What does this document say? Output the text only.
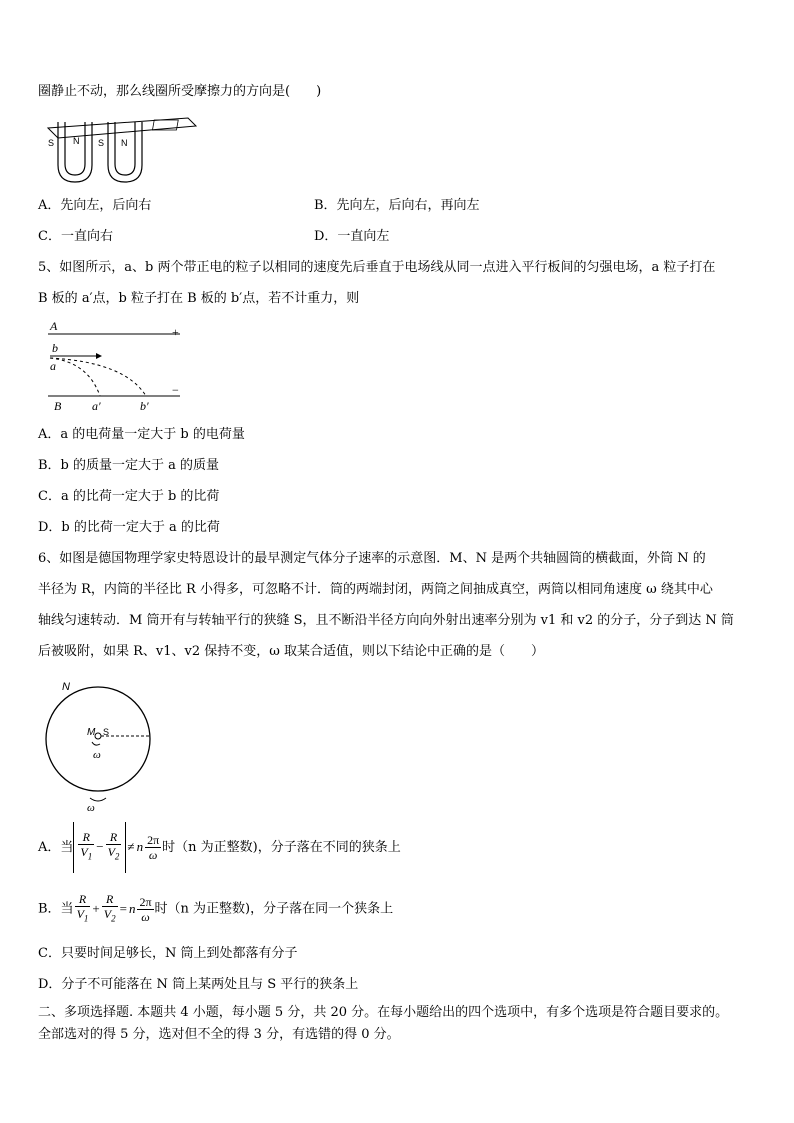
圈静止不动，那么线圈所受摩擦力的方向是(　　)
S N S N
A．先向左，后向右	B．先向左，后向右，再向左
C．一直向右	D．一直向左
5、如图所示，a、b 两个带正电的粒子以相同的速度先后垂直于电场线从同一点进入平行板间的匀强电场，a 粒子打在
B 板的 a′点，b 粒子打在 B 板的 b′点，若不计重力，则
A	+
b
a
−
B	a′	b′
A．a 的电荷量一定大于 b 的电荷量
B．b 的质量一定大于 a 的质量
C．a 的比荷一定大于 b 的比荷
D．b 的比荷一定大于 a 的比荷
6、如图是德国物理学家史特恩设计的最早测定气体分子速率的示意图．M、N 是两个共轴圆筒的横截面，外筒 N 的
半径为 R，内筒的半径比 R 小得多，可忽略不计．筒的两端封闭，两筒之间抽成真空，两筒以相同角速度 ω 绕其中心
轴线匀速转动．M 筒开有与转轴平行的狭缝 S，且不断沿半径方向向外射出速率分别为 v1 和 v2 的分子，分子到达 N 筒
后被吸附，如果 R、v1、v2 保持不变，ω 取某合适值，则以下结论中正确的是（　　）
N
M S
ω
ω
A．当 $\frac{R}{V_1} - \frac{R}{V_2} \ne n \frac{2\pi}{\omega}$ 时（n 为正整数)，分子落在不同的狭条上
B．当 $\frac{R}{V_1} + \frac{R}{V_2} = n \frac{2\pi}{\omega}$ 时（n 为正整数)，分子落在同一个狭条上
C．只要时间足够长，N 筒上到处都落有分子
D．分子不可能落在 N 筒上某两处且与 S 平行的狭条上
二、多项选择题. 本题共 4 小题，每小题 5 分，共 20 分。在每小题给出的四个选项中，有多个选项是符合题目要求的。
全部选对的得 5 分，选对但不全的得 3 分，有选错的得 0 分。
